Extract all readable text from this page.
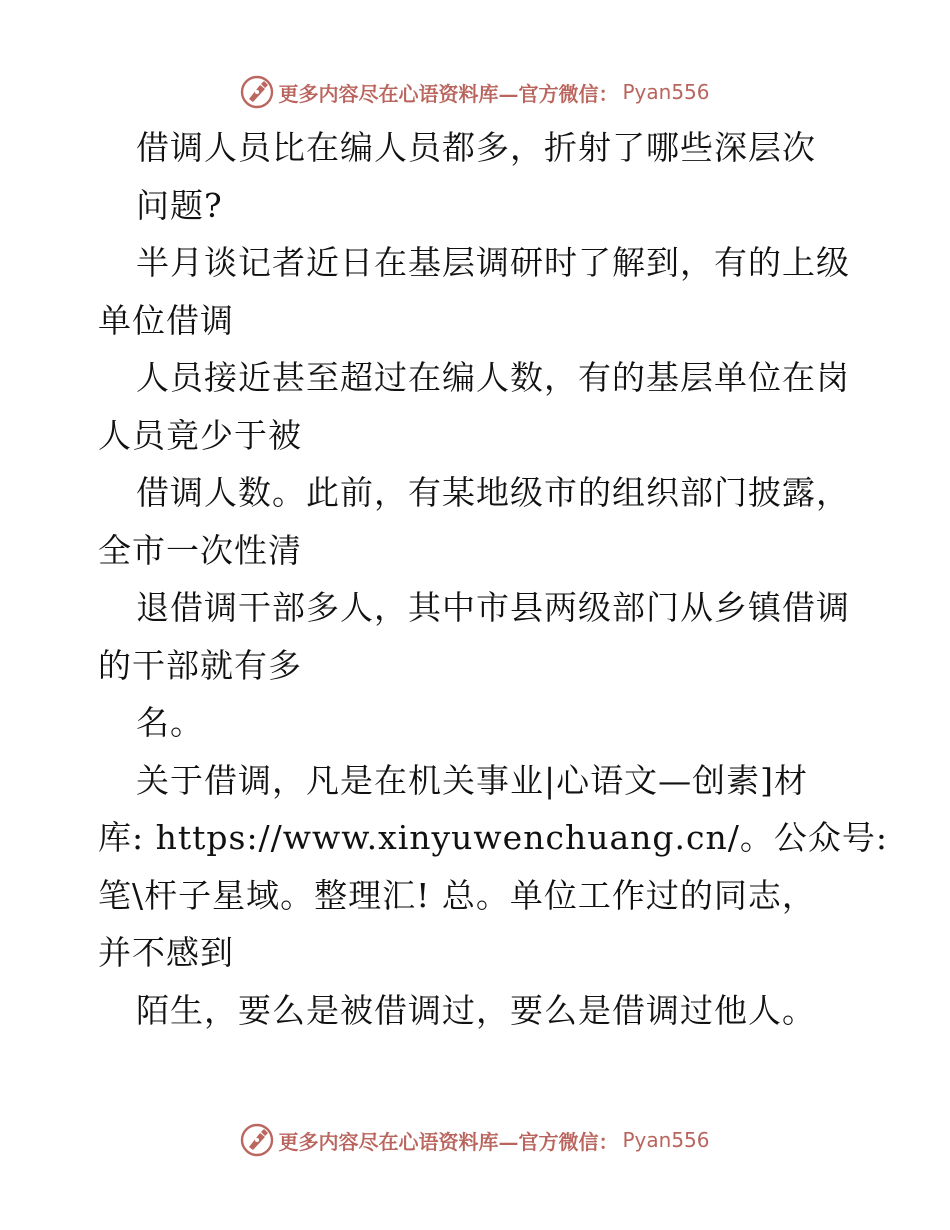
更多内容尽在心语资料库—官方微信： Pyan556
借调人员比在编人员都多，折射了哪些深层次
问题?
半月谈记者近日在基层调研时了解到，有的上级
单位借调
人员接近甚至超过在编人数，有的基层单位在岗
人员竟少于被
借调人数。此前，有某地级市的组织部门披露，
全市一次性清
退借调干部多人，其中市县两级部门从乡镇借调
的干部就有多
名。
关于借调，凡是在机关事业|心语文—创素]材
库: https://www.xinyuwenchuang.cn/。公众号:
笔\杆子星域。整理汇! 总。单位工作过的同志，
并不感到
陌生，要么是被借调过，要么是借调过他人。
更多内容尽在心语资料库—官方微信： Pyan556
